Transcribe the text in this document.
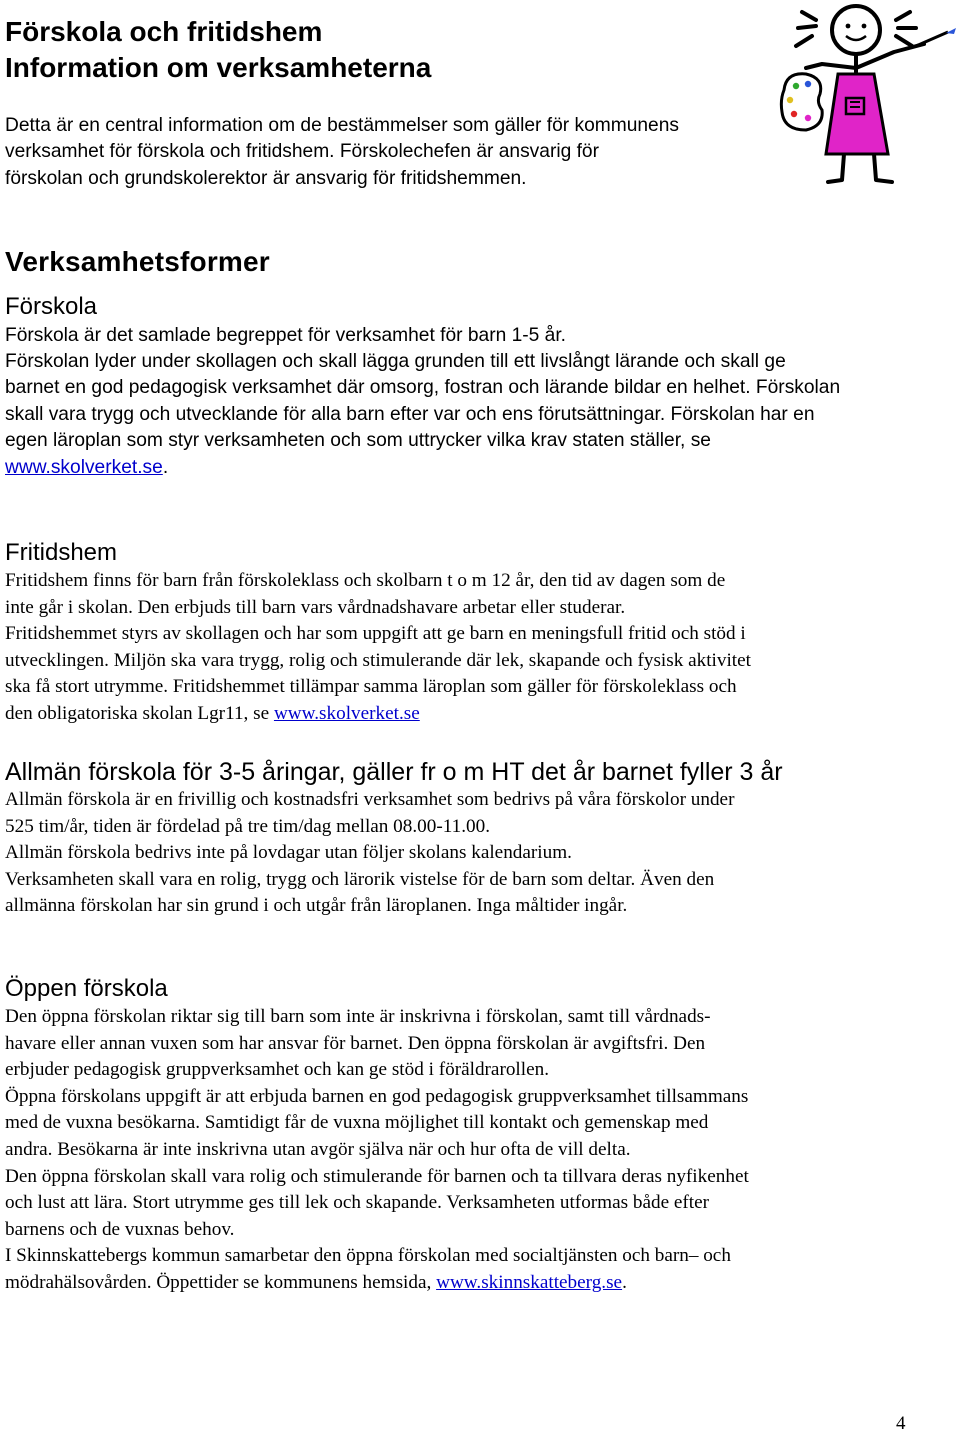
Förskola och fritidshem
Information om verksamheterna
Detta är en central information om de bestämmelser som gäller för kommunens
verksamhet för förskola och fritidshem. Förskolechefen är ansvarig för
förskolan och grundskolerektor är ansvarig för fritidshemmen.
Verksamhetsformer
Förskola
Förskola är det samlade begreppet för verksamhet för barn 1-5 år.
Förskolan lyder under skollagen och skall lägga grunden till ett livslångt lärande och skall ge
barnet en god pedagogisk verksamhet där omsorg, fostran och lärande bildar en helhet. Förskolan
skall vara trygg och utvecklande för alla barn efter var och ens förutsättningar. Förskolan har en
egen läroplan som styr verksamheten och som uttrycker vilka krav staten ställer, se
www.skolverket.se.
Fritidshem
Fritidshem finns för barn från förskoleklass och skolbarn t o m 12 år, den tid av dagen som de
inte går i skolan. Den erbjuds till barn vars vårdnadshavare arbetar eller studerar.
Fritidshemmet styrs av skollagen och har som uppgift att ge barn en meningsfull fritid och stöd i
utvecklingen. Miljön ska vara trygg, rolig och stimulerande där lek, skapande och fysisk aktivitet
ska få stort utrymme. Fritidshemmet tillämpar samma läroplan som gäller för förskoleklass och
den obligatoriska skolan Lgr11, se www.skolverket.se
Allmän förskola för 3-5 åringar, gäller fr o m HT det år barnet fyller 3 år
Allmän förskola är en frivillig och kostnadsfri verksamhet som bedrivs på våra förskolor under
525 tim/år, tiden är fördelad på tre tim/dag mellan 08.00-11.00.
Allmän förskola bedrivs inte på lovdagar utan följer skolans kalendarium.
Verksamheten skall vara en rolig, trygg och lärorik vistelse för de barn som deltar. Även den
allmänna förskolan har sin grund i och utgår från läroplanen. Inga måltider ingår.
Öppen förskola
Den öppna förskolan riktar sig till barn som inte är inskrivna i förskolan, samt till vårdnads-
havare eller annan vuxen som har ansvar för barnet. Den öppna förskolan är avgiftsfri. Den
erbjuder pedagogisk gruppverksamhet och kan ge stöd i föräldrarollen.
Öppna förskolans uppgift är att erbjuda barnen en god pedagogisk gruppverksamhet tillsammans
med de vuxna besökarna. Samtidigt får de vuxna möjlighet till kontakt och gemenskap med
andra. Besökarna är inte inskrivna utan avgör själva när och hur ofta de vill delta.
Den öppna förskolan skall vara rolig och stimulerande för barnen och ta tillvara deras nyfikenhet
och lust att lära. Stort utrymme ges till lek och skapande. Verksamheten utformas både efter
barnens och de vuxnas behov.
I Skinnskattebergs kommun samarbetar den öppna förskolan med socialtjänsten och barn– och
mödrahälsovården. Öppettider se kommunens hemsida, www.skinnskatteberg.se.
4
